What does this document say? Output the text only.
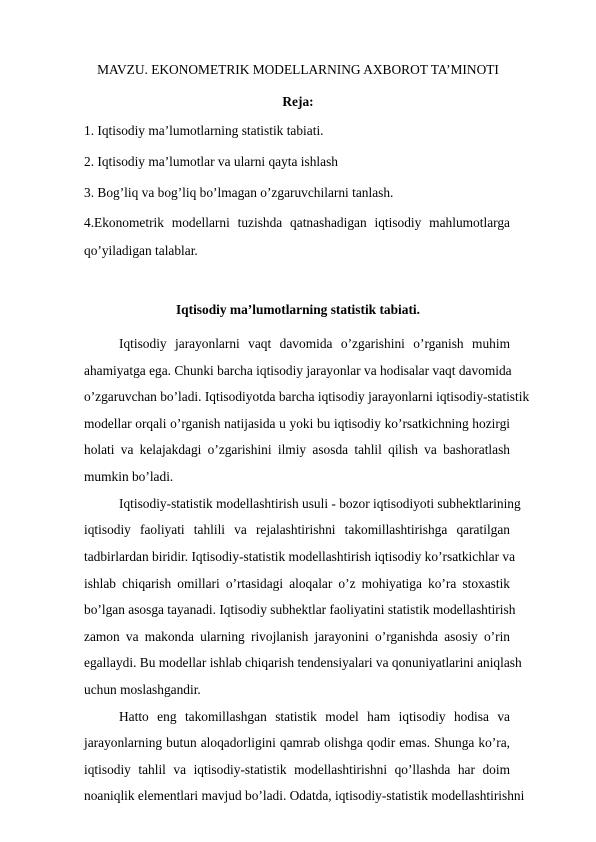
MAVZU. EKONOMETRIK MODELLARNING AXBOROT TA’MINOTI
Reja:
1. Iqtisodiy ma’lumotlarning statistik tabiati.
2. Iqtisodiy ma’lumotlar va ularni qayta ishlash
3. Bog’liq va bog’liq bo’lmagan o’zgaruvchilarni tanlash.
4.Ekonometrik modellarni tuzishda qatnashadigan iqtisodiy mahlumotlarga
qo’yiladigan talablar.
Iqtisodiy ma’lumotlarning statistik tabiati.
Iqtisodiy jarayonlarni vaqt davomida o’zgarishini o’rganish muhim
ahamiyatga ega. Chunki barcha iqtisodiy jarayonlar va hodisalar vaqt davomida
o’zgaruvchan bo’ladi. Iqtisodiyotda barcha iqtisodiy jarayonlarni iqtisodiy-statistik
modellar orqali o’rganish natijasida u yoki bu iqtisodiy ko’rsatkichning hozirgi
holati va kelajakdagi o’zgarishini ilmiy asosda tahlil qilish va bashoratlash
mumkin bo’ladi.
Iqtisodiy-statistik modellashtirish usuli - bozor iqtisodiyoti subhektlarining
iqtisodiy faoliyati tahlili va rejalashtirishni takomillashtirishga qaratilgan
tadbirlardan biridir. Iqtisodiy-statistik modellashtirish iqtisodiy ko’rsatkichlar va
ishlab chiqarish omillari o’rtasidagi aloqalar o’z mohiyatiga ko’ra stoxastik
bo’lgan asosga tayanadi. Iqtisodiy subhektlar faoliyatini statistik modellashtirish
zamon va makonda ularning rivojlanish jarayonini o’rganishda asosiy o’rin
egallaydi. Bu modellar ishlab chiqarish tendensiyalari va qonuniyatlarini aniqlash
uchun moslashgandir.
Hatto eng takomillashgan statistik model ham iqtisodiy hodisa va
jarayonlarning butun aloqadorligini qamrab olishga qodir emas. Shunga ko’ra,
iqtisodiy tahlil va iqtisodiy-statistik modellashtirishni qo’llashda har doim
noaniqlik elementlari mavjud bo’ladi. Odatda, iqtisodiy-statistik modellashtirishni
